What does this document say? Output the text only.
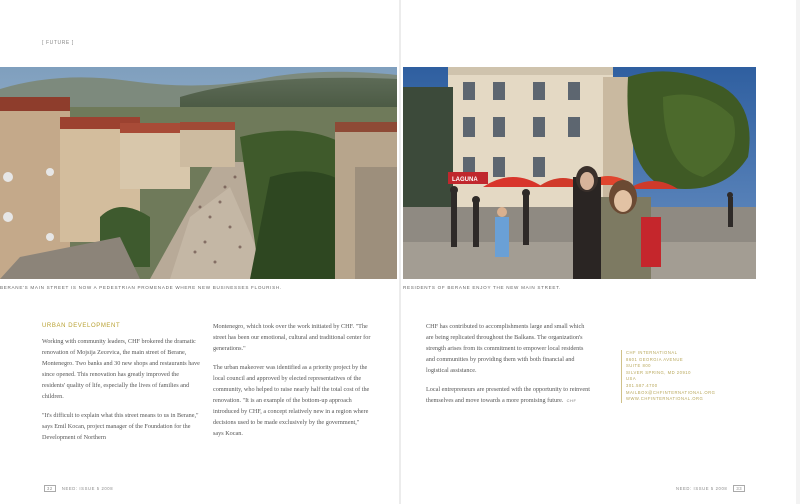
[ FUTURE ]
LAGUNA
BERANE'S MAIN STREET IS NOW A PEDESTRIAN PROMENADE WHERE NEW BUSINESSES FLOURISH.	RESIDENTS OF BERANE ENJOY THE NEW MAIN STREET.
URBAN DEVELOPMENT

Working with community leaders, CHF brokered the dramatic renovation of Mojsija Zecevica, the main street of Berane, Montenegro. Two banks and 30 new shops and restaurants have since opened. This renovation has greatly improved the residents' quality of life, especially the lives of families and children.

"It's difficult to explain what this street means to us in Berane," says Emil Kocan, project manager of the Foundation for the Development of Northern

Montenegro, which took over the work initiated by CHF. "The street has been our emotional, cultural and traditional center for generations."

The urban makeover was identified as a priority project by the local council and approved by elected representatives of the community, who helped to raise nearly half the total cost of the renovation. "It is an example of the bottom-up approach introduced by CHF, a concept relatively new in a region where decisions used to be made exclusively by the government," says Kocan.

CHF has contributed to accomplishments large and small which are being replicated throughout the Balkans. The organization's strength arises from its commitment to empower local residents and communities by providing them with both financial and logistical assistance.

Local entrepreneurs are presented with the opportunity to reinvent themselves and move towards a more promising future. CHF

CHF INTERNATIONAL
8601 GEORGIA AVENUE
SUITE 800
SILVER SPRING, MD 20910
USA
301.587.4700
MAILBOX@CHFINTERNATIONAL.ORG
WWW.CHFINTERNATIONAL.ORG
32 NEED: ISSUE 5 2008	NEED: ISSUE 5 2008 33
